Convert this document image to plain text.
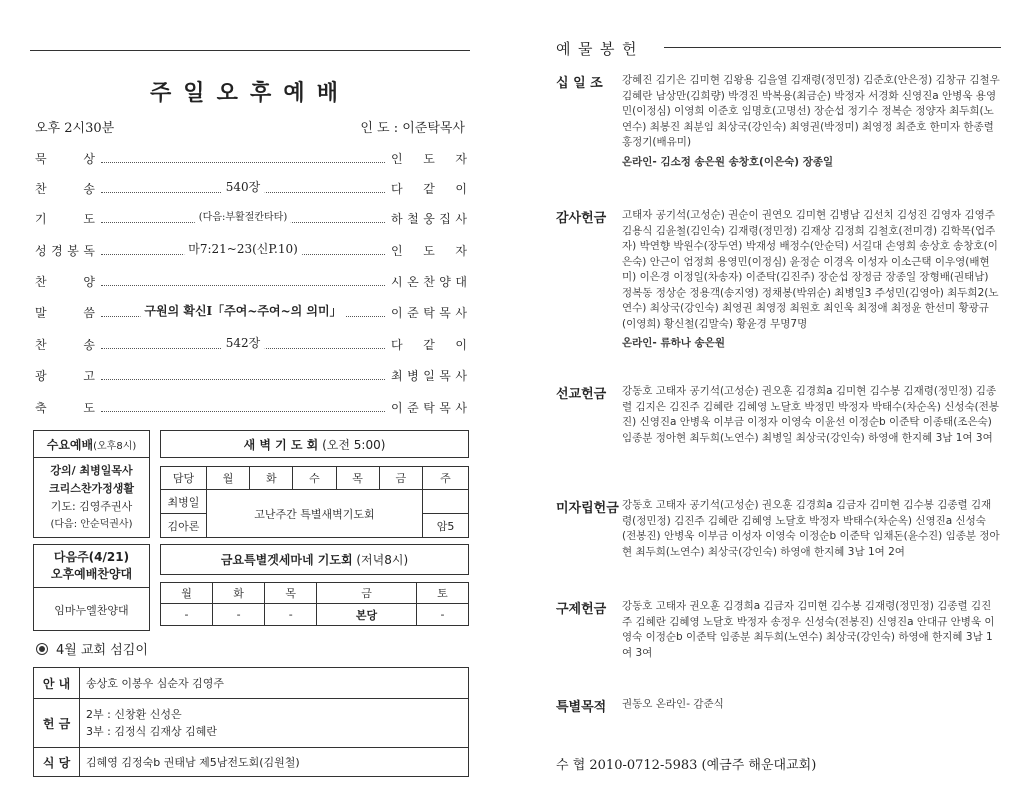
주일오후예배
오후 2시30분	인 도 : 이준탁목사
묵	상	인 도 자
찬	송	540장	다 같 이
기	도	(다음:부활절칸타타)	하 철 웅 집 사
성 경 봉 독	마7:21~23(신P.10)	인 도 자
찬	양	시 온 찬 양 대
말	씀	구원의 확신Ⅰ「주여~주여~의 의미」	이 준 탁 목 사
찬	송	542장	다 같 이
광	고	최 병 일 목 사
축	도	이 준 탁 목 사
수요예배 (오후8시)
강의/ 최병일목사
크리스찬가정생활
기도: 김영주권사
(다음: 안순덕권사)
새 벽 기 도 회
(오전 5:00)
담당	월	화	수	목	금	주
최병일	고난주간 특별새벽기도회					
김아론						암5
다음주(4/21)
오후예배찬양대
임마누엘찬양대
금요특별겟세마네 기도회
(저녁8시)
월	화	목	금	토
-	-	-	본당	-
4월 교회 섬김이
안 내	송상호 이봉우 심순자 김영주
헌 금	2부 : 신창환 신성은
3부 : 김정식 김재상 김혜란

식 당	김혜영 김정숙b 권태남 제5남전도회(김원철)
예물봉헌
십 일 조 강혜진 김기은 김미현 김왕용 김을열 김재령(정민정) 김준호(안은정) 김창규 김철우 김혜란 남상만(김희량) 박경진 박복용(최금순) 박정자 서경화 신영진a 안병욱 용영민(이정심) 이영희 이준호 임명호(고명선) 장순섭 정기수 정복순 정양자 최두희(노연수) 최봉진 최분임 최상국(강인숙) 최영권(박정미) 최영정 최준호 한미자 한종렬 홍정기(배유미)
온라인- 김소정 송은원 송창호(이은숙) 장종일
감사헌금 고태자 공기석(고성순) 권순이 권연오 김미현 김병남 김선치 김성진 김영자 김영주 김용식 김윤철(김인숙) 김재령(정민정) 김재상 김정희 김철호(전미경) 김학목(업주자) 박연향 박원수(장두연) 박재성 배정수(안순덕) 서길대 손영희 송상호 송창호(이은숙) 안근이 엄정희 용영민(이정심) 윤정순 이경옥 이성자 이소근택 이우영(배현미) 이은경 이정일(차송자) 이준탁(김진주) 장순섭 장정금 장종일 장형배(권태남) 정복동 정상순 정용객(송지영) 정채봉(박위순) 최병일3 주성민(김영아) 최두희2(노연수) 최상국(강인숙) 최영권 최영정 최원호 최인욱 최정애 최정윤 한선미 황광규(이영희) 황신철(김말숙) 황윤경 무명7명
온라인- 류하나 송은원
선교헌금 강동호 고태자 공기석(고성순) 권오훈 김경희a 김미현 김수봉 김재령(정민정) 김종렬 김지은 김진주 김혜란 김혜영 노달호 박정민 박정자 박태수(차순옥) 신성숙(전봉진) 신영진a 안병욱 이부금 이정자 이영숙 이윤선 이정순b 이준탁 이종태(조은숙) 임종분 정아현 최두희(노연수) 최병일 최상국(강인숙) 하영애 한지혜 3남 1여 3여
미자립헌금 강동호 고태자 공기석(고성순) 권오훈 김경희a 김금자 김미현 김수봉 김종렬 김재령(정민정) 김진주 김혜란 김혜영 노달호 박정자 박태수(차순옥) 신영진a 신성숙(전봉진) 안병욱 이부금 이성자 이영숙 이정순b 이준탁 임채돈(윤수진) 임종분 정아현 최두희(노연수) 최상국(강인숙) 하영애 한지혜 3남 1여 2여
구제헌금 강동호 고태자 권오훈 김경희a 김금자 김미현 김수봉 김재령(정민정) 김종렬 김진주 김혜란 김혜영 노달호 박정자 송정우 신성숙(전봉진) 신영진a 안대규 안병욱 이영숙 이정순b 이준탁 임종분 최두희(노연수) 최상국(강인숙) 하영애 한지혜 3남 1여 3여
특별목적 권동오 온라인- 감준식
수 협 2010-0712-5983 (예금주 해운대교회)
